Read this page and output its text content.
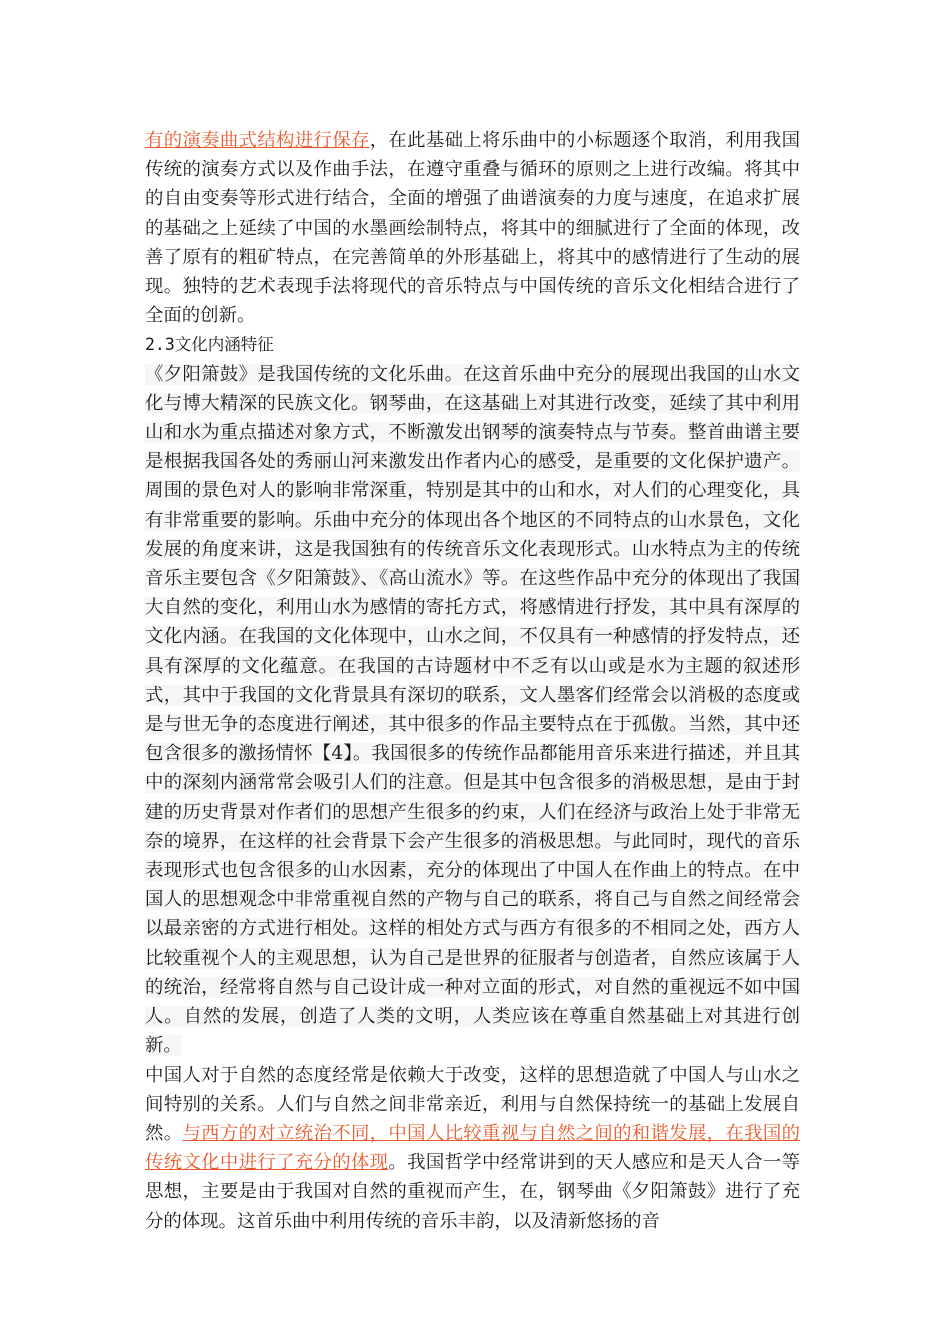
有的演奏曲式结构进行保存，在此基础上将乐曲中的小标题逐个取消，利用我国传统的演奏方式以及作曲手法，在遵守重叠与循环的原则之上进行改编。将其中的自由变奏等形式进行结合，全面的增强了曲谱演奏的力度与速度，在追求扩展的基础之上延续了中国的水墨画绘制特点，将其中的细腻进行了全面的体现，改善了原有的粗矿特点，在完善简单的外形基础上，将其中的感情进行了生动的展现。独特的艺术表现手法将现代的音乐特点与中国传统的音乐文化相结合进行了全面的创新。

2.3文化内涵特征

《夕阳箫鼓》是我国传统的文化乐曲。在这首乐曲中充分的展现出我国的山水文化与博大精深的民族文化。钢琴曲，在这基础上对其进行改变，延续了其中利用山和水为重点描述对象方式，不断激发出钢琴的演奏特点与节奏。整首曲谱主要是根据我国各处的秀丽山河来激发出作者内心的感受，是重要的文化保护遗产。周围的景色对人的影响非常深重，特别是其中的山和水，对人们的心理变化，具有非常重要的影响。乐曲中充分的体现出各个地区的不同特点的山水景色，文化发展的角度来讲，这是我国独有的传统音乐文化表现形式。山水特点为主的传统音乐主要包含《夕阳箫鼓》、《高山流水》等。在这些作品中充分的体现出了我国大自然的变化，利用山水为感情的寄托方式，将感情进行抒发，其中具有深厚的文化内涵。在我国的文化体现中，山水之间，不仅具有一种感情的抒发特点，还具有深厚的文化蕴意。在我国的古诗题材中不乏有以山或是水为主题的叙述形式，其中于我国的文化背景具有深切的联系，文人墨客们经常会以消极的态度或是与世无争的态度进行阐述，其中很多的作品主要特点在于孤傲。当然，其中还包含很多的激扬情怀【4】。我国很多的传统作品都能用音乐来进行描述，并且其中的深刻内涵常常会吸引人们的注意。但是其中包含很多的消极思想，是由于封建的历史背景对作者们的思想产生很多的约束，人们在经济与政治上处于非常无奈的境界，在这样的社会背景下会产生很多的消极思想。与此同时，现代的音乐表现形式也包含很多的山水因素，充分的体现出了中国人在作曲上的特点。在中国人的思想观念中非常重视自然的产物与自己的联系，将自己与自然之间经常会以最亲密的方式进行相处。这样的相处方式与西方有很多的不相同之处，西方人比较重视个人的主观思想，认为自己是世界的征服者与创造者，自然应该属于人的统治，经常将自然与自己设计成一种对立面的形式，对自然的重视远不如中国人。自然的发展，创造了人类的文明，人类应该在尊重自然基础上对其进行创新。

中国人对于自然的态度经常是依赖大于改变，这样的思想造就了中国人与山水之间特别的关系。人们与自然之间非常亲近，利用与自然保持统一的基础上发展自然。与西方的对立统治不同，中国人比较重视与自然之间的和谐发展，在我国的传统文化中进行了充分的体现。我国哲学中经常讲到的天人感应和是天人合一等思想，主要是由于我国对自然的重视而产生，在，钢琴曲《夕阳箫鼓》进行了充分的体现。这首乐曲中利用传统的音乐丰韵，以及清新悠扬的音
